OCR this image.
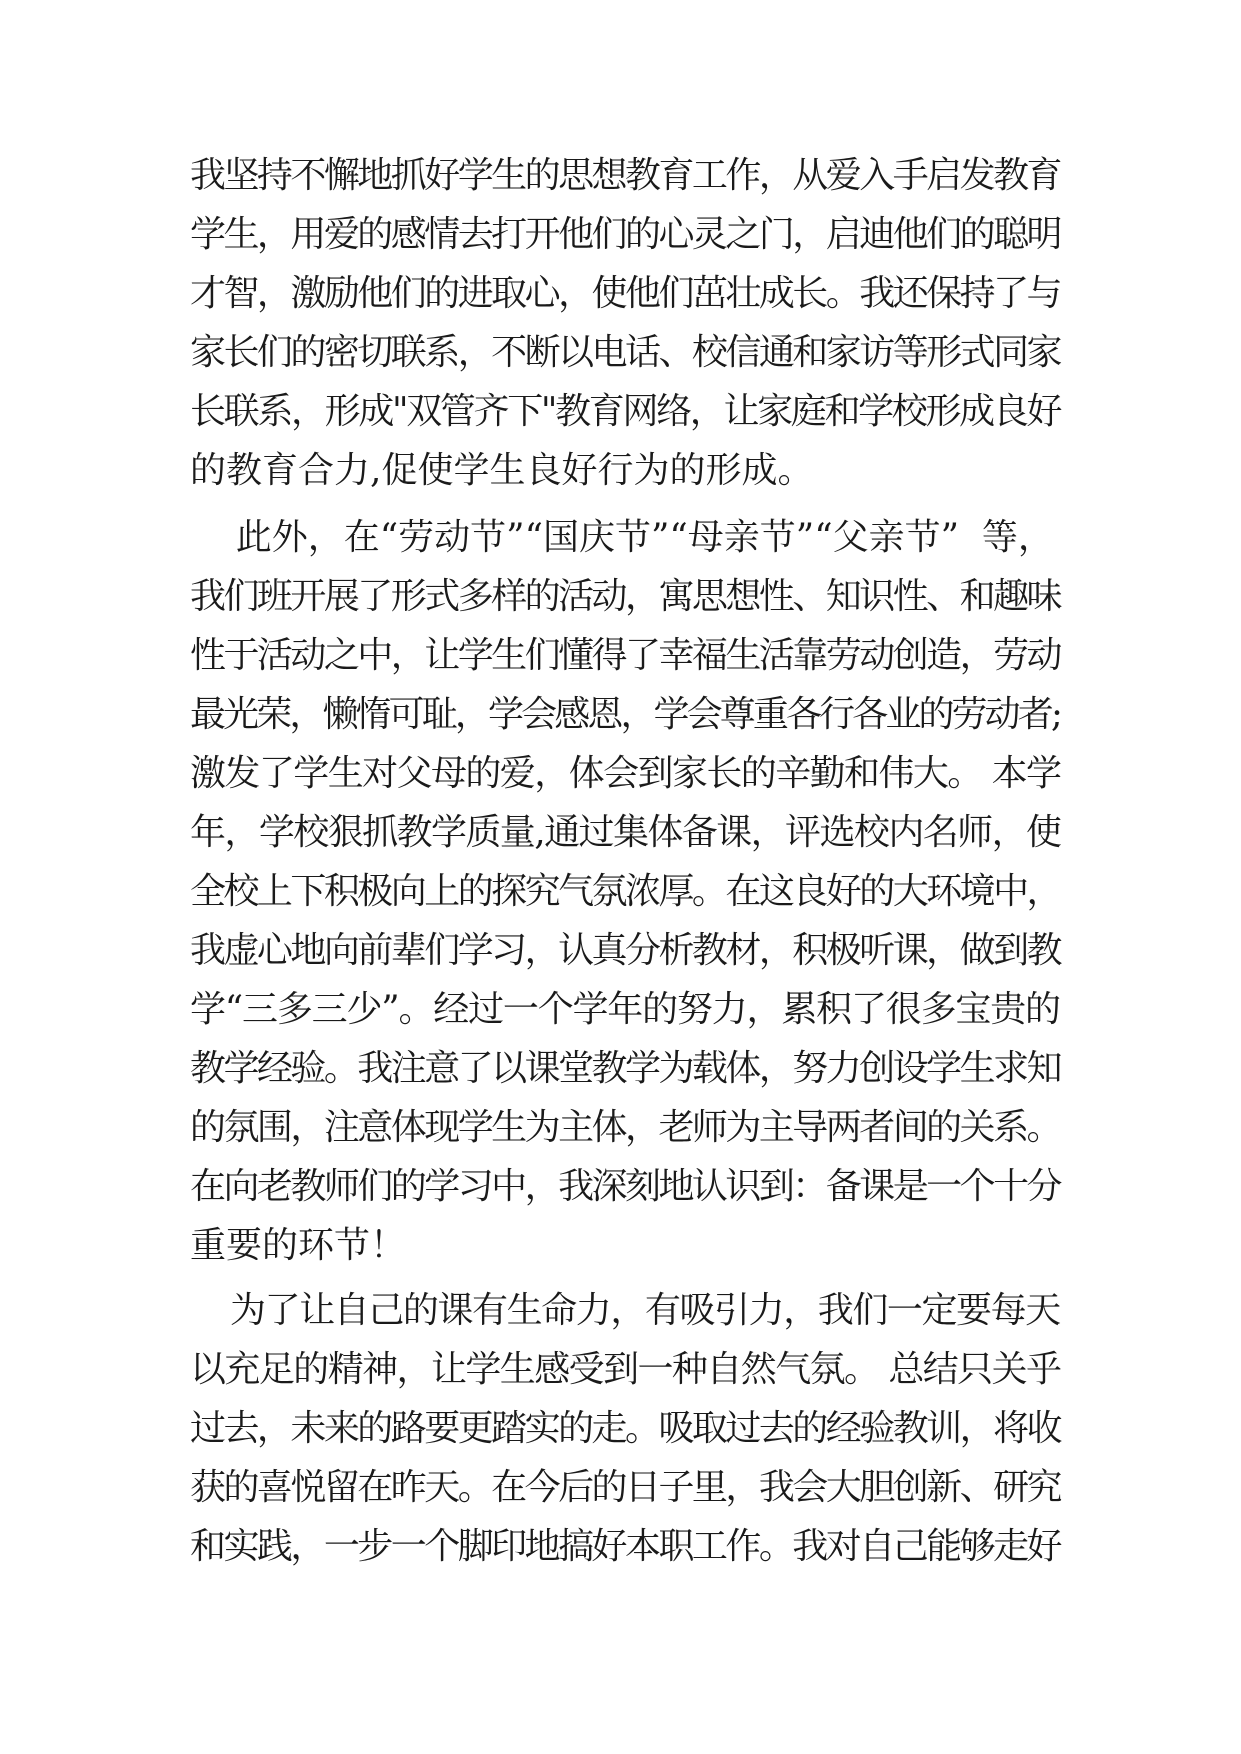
我坚持不懈地抓好学生的思想教育工作，从爱入手启发教育
学生，用爱的感情去打开他们的心灵之门，启迪他们的聪明
才智，激励他们的进取心，使他们茁壮成长。我还保持了与
家长们的密切联系，不断以电话、校信通和家访等形式同家
长联系，形成"双管齐下"教育网络，让家庭和学校形成良好
的教育合力,促使学生良好行为的形成。
此外，在“劳动节”“国庆节”“母亲节”“父亲节”  等，
我们班开展了形式多样的活动，寓思想性、知识性、和趣味
性于活动之中，让学生们懂得了幸福生活靠劳动创造，劳动
最光荣，懒惰可耻，学会感恩，学会尊重各行各业的劳动者;
激发了学生对父母的爱，体会到家长的辛勤和伟大。 本学
年，学校狠抓教学质量,通过集体备课，评选校内名师，使
全校上下积极向上的探究气氛浓厚。在这良好的大环境中，
我虚心地向前辈们学习，认真分析教材，积极听课，做到教
学“三多三少”。经过一个学年的努力，累积了很多宝贵的
教学经验。我注意了以课堂教学为载体，努力创设学生求知
的氛围，注意体现学生为主体，老师为主导两者间的关系。
在向老教师们的学习中，我深刻地认识到：备课是一个十分
重要的环节！
为了让自己的课有生命力，有吸引力，我们一定要每天
以充足的精神，让学生感受到一种自然气氛。 总结只关乎
过去，未来的路要更踏实的走。吸取过去的经验教训，将收
获的喜悦留在昨天。在今后的日子里，我会大胆创新、研究
和实践，一步一个脚印地搞好本职工作。我对自己能够走好
